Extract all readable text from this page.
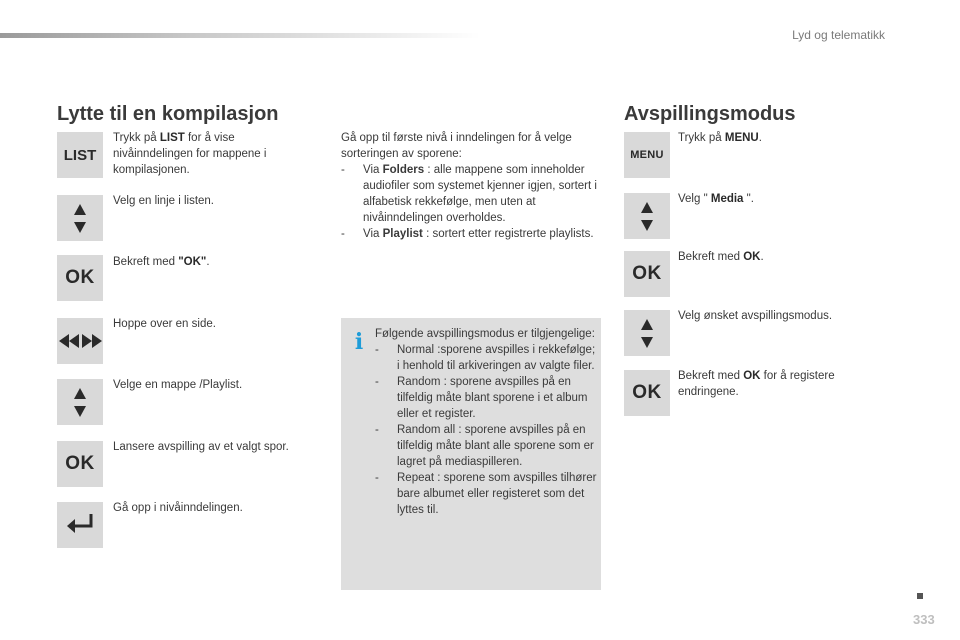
Lyd og telematikk
Lytte til en kompilasjon
LIST
Trykk på LIST for å vise nivåinndelingen for mappene i kompilasjonen.
Velg en linje i listen.
OK
Bekreft med "OK".
Hoppe over en side.
Velge en mappe /Playlist.
OK
Lansere avspilling av et valgt spor.
Gå opp i nivåinndelingen.

Gå opp til første nivå i inndelingen for å velge sorteringen av sporene:

-	Via Folders : alle mappene som inneholder audiofiler som systemet kjenner igjen, sortert i alfabetisk rekkefølge, men uten at nivåinndelingen overholdes.
-	Via Playlist : sortert etter registrerte playlists.
i	Følgende avspillingsmodus er tilgjengelige:

-	Normal :sporene avspilles i rekkefølge; i henhold til arkiveringen av valgte filer.
-	Random : sporene avspilles på en tilfeldig måte blant sporene i et album eller et register.
-	Random all : sporene avspilles på en tilfeldig måte blant alle sporene som er lagret på mediaspilleren.
-	Repeat : sporene som avspilles tilhører bare albumet eller registeret som det lyttes til.
Avspillingsmodus
MENU
Trykk på MENU.
Velg " Media ".
OK
Bekreft med OK.
Velg ønsket avspillingsmodus.
OK
Bekreft med OK for å registere endringene.
333
